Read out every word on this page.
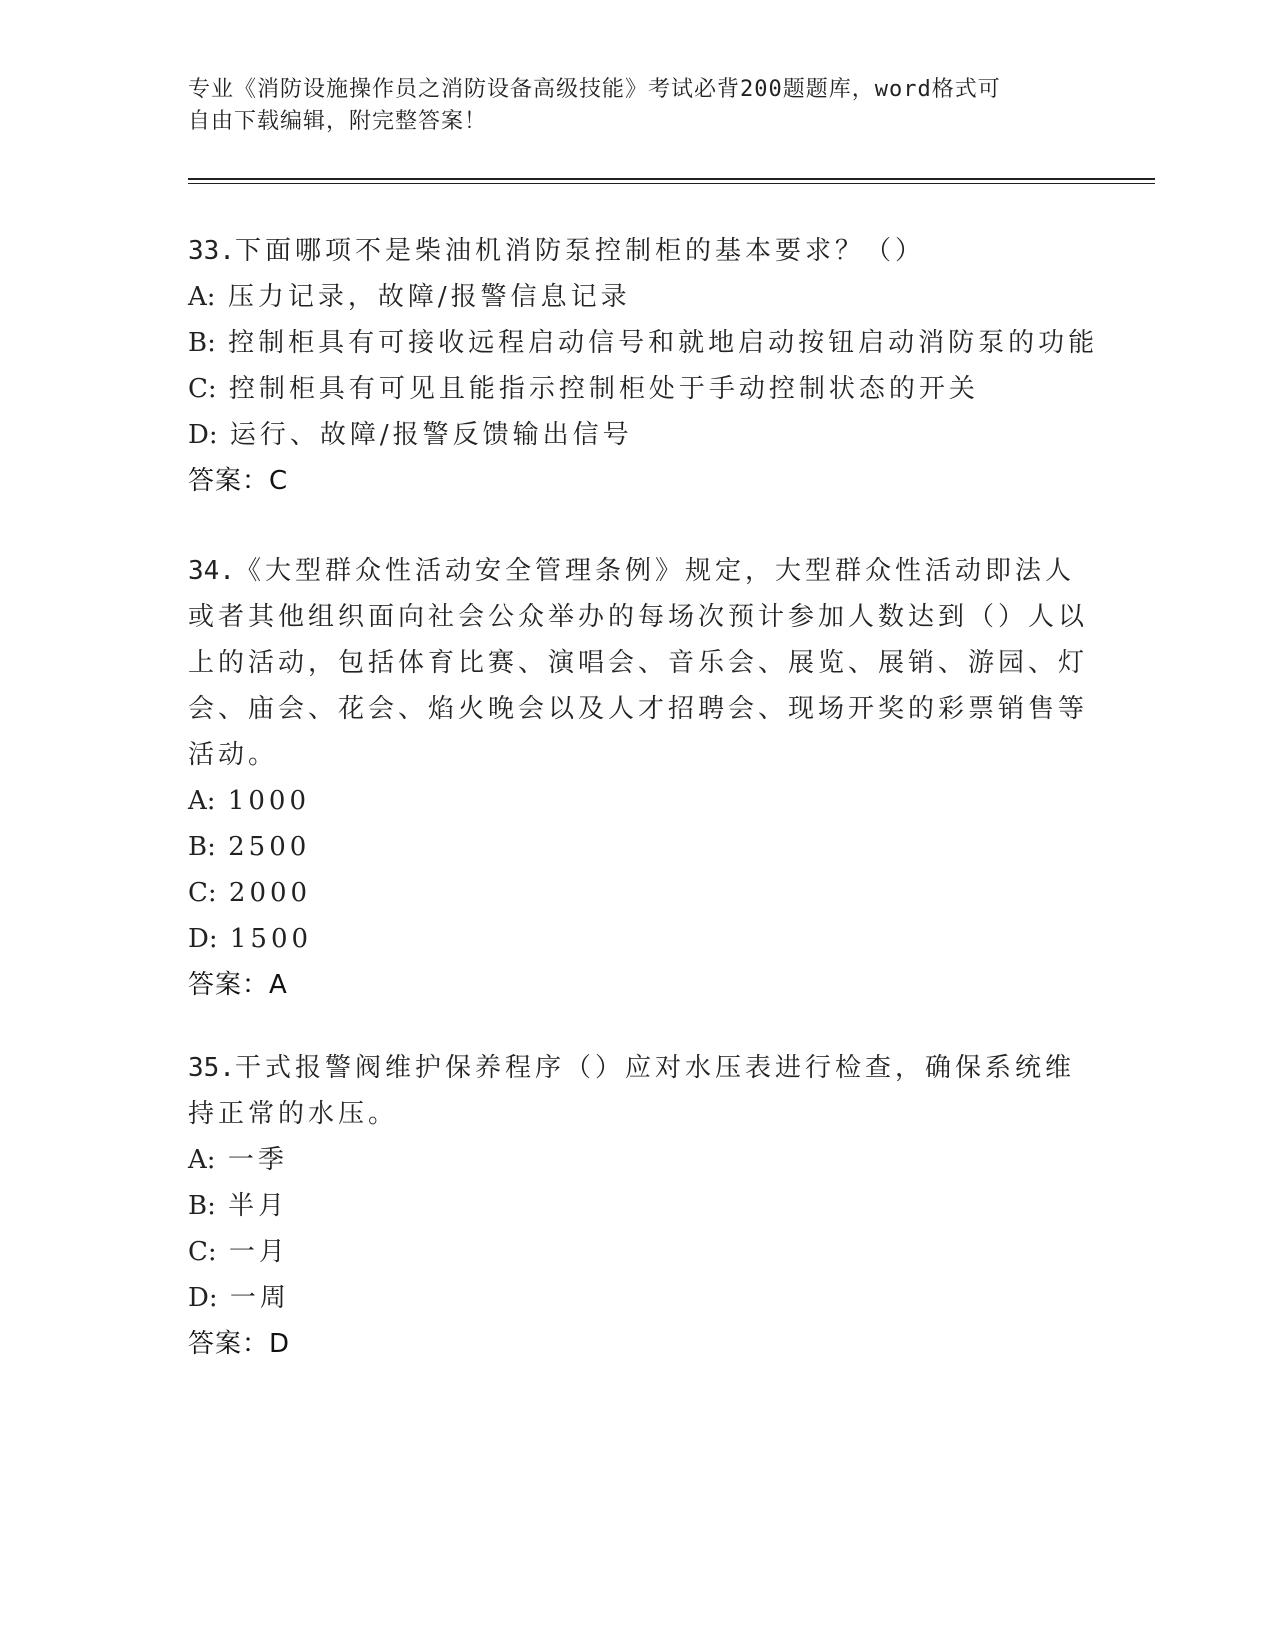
专业《消防设施操作员之消防设备高级技能》考试必背200题题库，word格式可
自由下载编辑，附完整答案！

33.下面哪项不是柴油机消防泵控制柜的基本要求？（）

A: 压力记录，故障/报警信息记录

B: 控制柜具有可接收远程启动信号和就地启动按钮启动消防泵的功能

C: 控制柜具有可见且能指示控制柜处于手动控制状态的开关

D: 运行、故障/报警反馈输出信号

答案：C

34.《大型群众性活动安全管理条例》规定，大型群众性活动即法人或者其他组织面向社会公众举办的每场次预计参加人数达到（）人以上的活动，包括体育比赛、演唱会、音乐会、展览、展销、游园、灯会、庙会、花会、焰火晚会以及人才招聘会、现场开奖的彩票销售等活动。

A: 1000

B: 2500

C: 2000

D: 1500

答案：A

35.干式报警阀维护保养程序（）应对水压表进行检查，确保系统维持正常的水压。

A: 一季

B: 半月

C: 一月

D: 一周

答案：D
